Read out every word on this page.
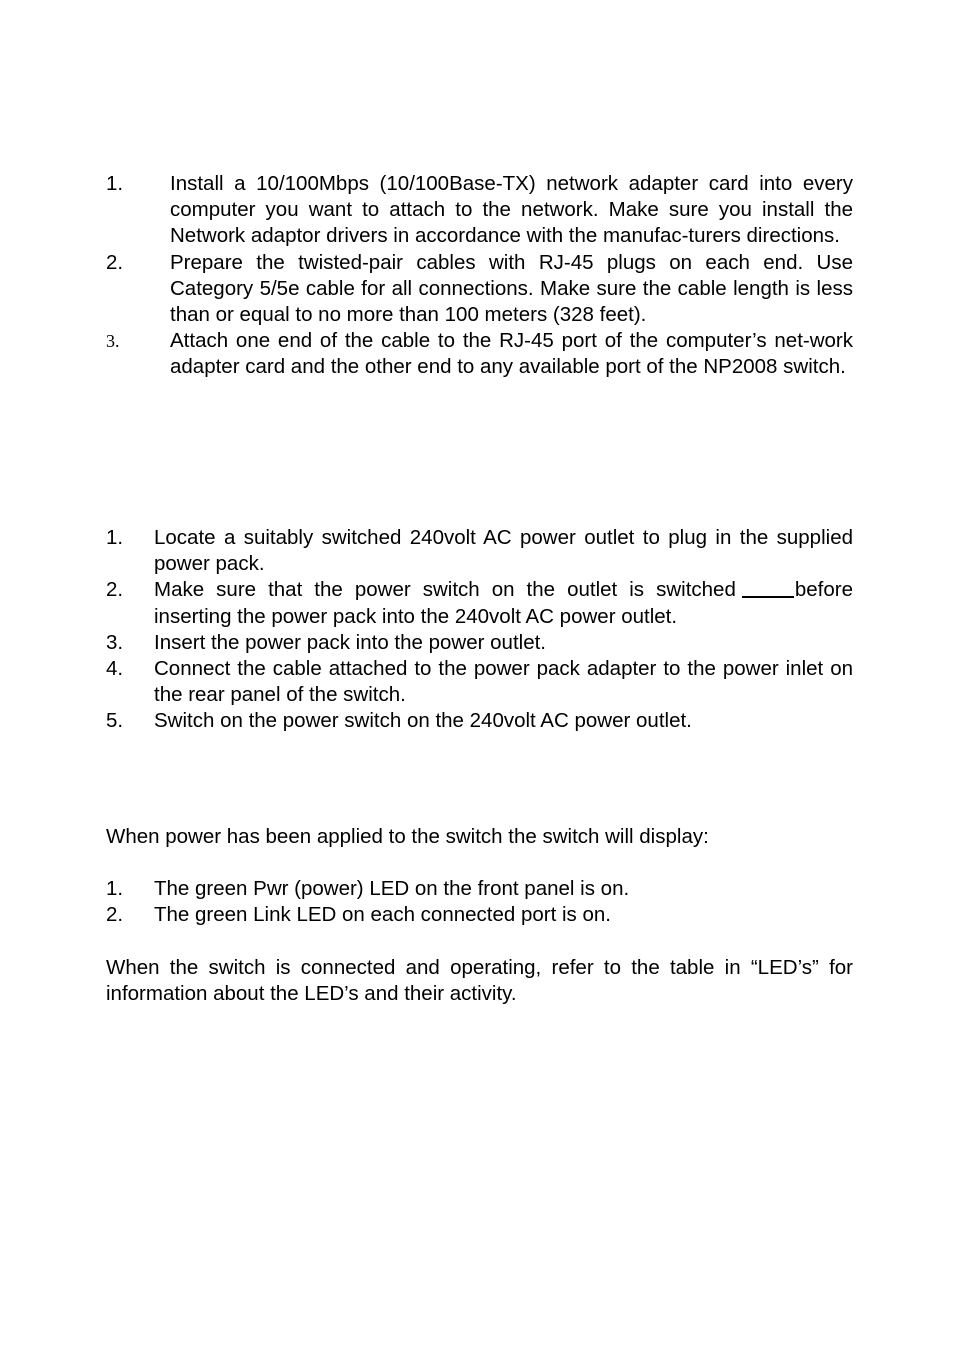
1. Install a 10/100Mbps (10/100Base-TX) network adapter card into every computer you want to attach to the network. Make sure you install the Network adaptor drivers in accordance with the manufac-turers directions.
2. Prepare the twisted-pair cables with RJ-45 plugs on each end. Use Category 5/5e cable for all connections. Make sure the cable length is less than or equal to no more than 100 meters (328 feet).
3. Attach one end of the cable to the RJ-45 port of the computer’s net-work adapter card and the other end to any available port of the NP2008 switch.
1. Locate a suitably switched 240volt AC power outlet to plug in the supplied power pack.
2. Make sure that the power switch on the outlet is switched	before inserting the power pack into the 240volt AC power outlet.
3. Insert the power pack into the power outlet.
4. Connect the cable attached to the power pack adapter to the power inlet on the rear panel of the switch.
5. Switch on the power switch on the 240volt AC power outlet.
When power has been applied to the switch the switch will display:
1. The green Pwr (power) LED on the front panel is on.
2. The green Link LED on each connected port is on.
When the switch is connected and operating, refer to the table in “LED’s” for information about the LED’s and their activity.
